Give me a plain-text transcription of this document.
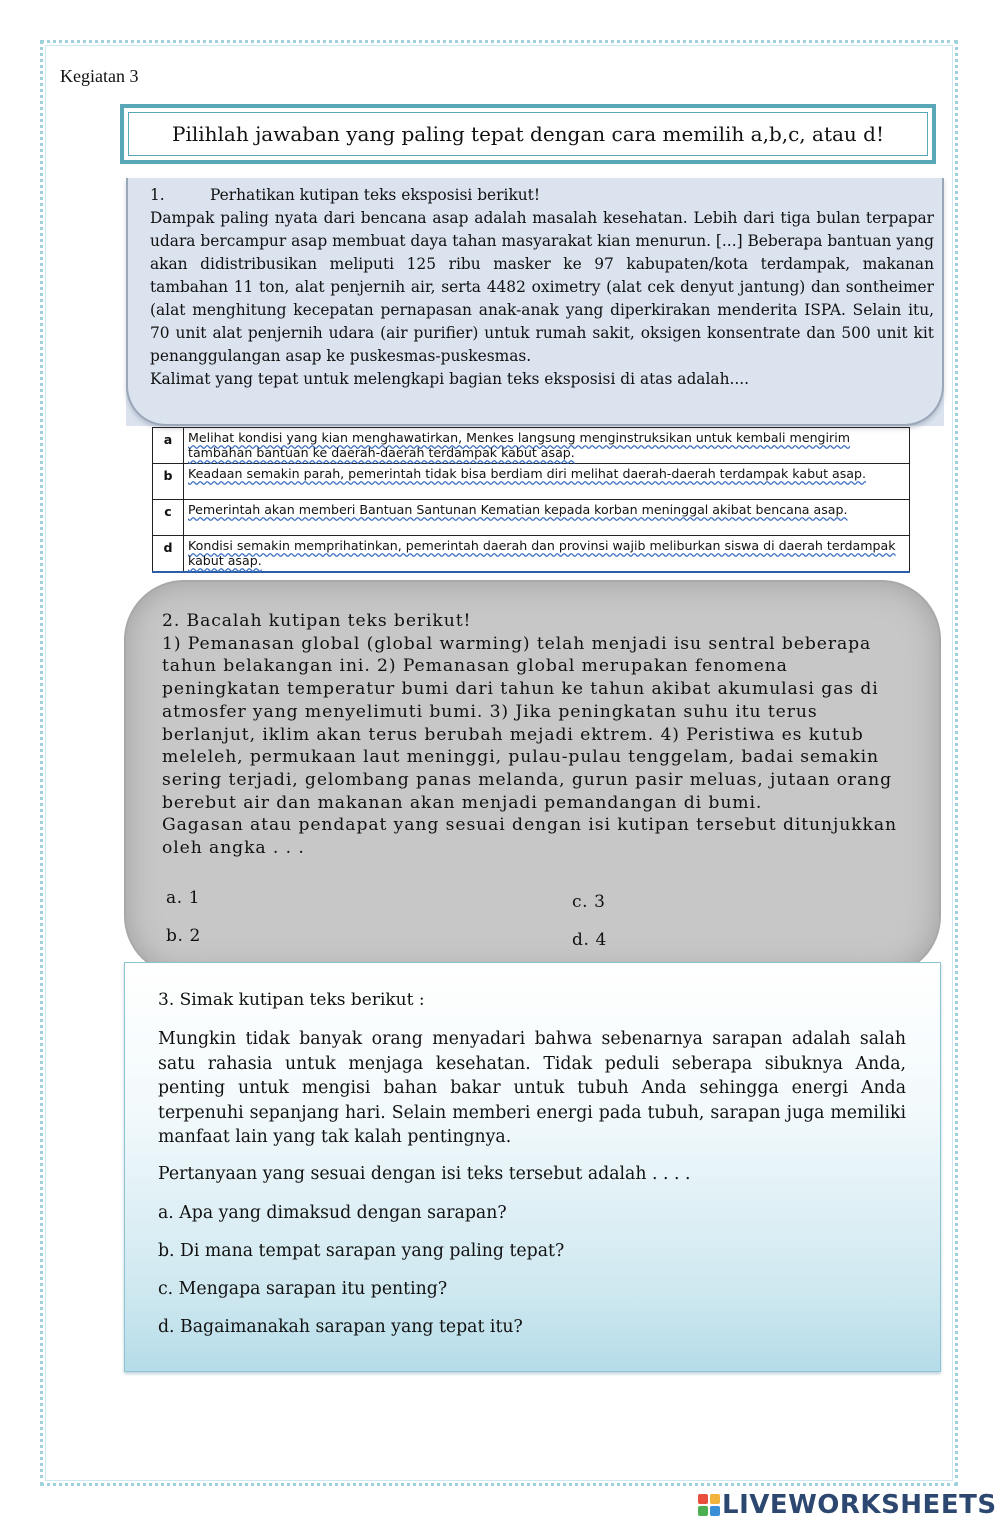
Kegiatan 3
Pilihlah jawaban yang paling tepat dengan cara memilih a,b,c, atau d!
1.	Perhatikan kutipan teks eksposisi berikut!
Dampak paling nyata dari bencana asap adalah masalah kesehatan. Lebih dari tiga bulan terpapar udara bercampur asap membuat daya tahan masyarakat kian menurun. [...] Beberapa bantuan yang akan didistribusikan meliputi 125 ribu masker ke 97 kabupaten/kota terdampak, makanan tambahan 11 ton, alat penjernih air, serta 4482 oximetry (alat cek denyut jantung) dan sontheimer (alat menghitung kecepatan pernapasan anak-anak yang diperkirakan menderita ISPA. Selain itu, 70 unit alat penjernih udara (air purifier) untuk rumah sakit, oksigen konsentrate dan 500 unit kit penanggulangan asap ke puskesmas-puskesmas.
Kalimat yang tepat untuk melengkapi bagian teks eksposisi di atas adalah....
a	Melihat kondisi yang kian menghawatirkan, Menkes langsung menginstruksikan untuk kembali mengirim tambahan bantuan ke daerah-daerah terdampak kabut asap.
b	Keadaan semakin parah, pemerintah tidak bisa berdiam diri melihat daerah-daerah terdampak kabut asap.
c	Pemerintah akan memberi Bantuan Santunan Kematian kepada korban meninggal akibat bencana asap.
d	Kondisi semakin memprihatinkan, pemerintah daerah dan provinsi wajib meliburkan siswa di daerah terdampak kabut asap.
2. Bacalah kutipan teks berikut!
1) Pemanasan global (global warming) telah menjadi isu sentral beberapa tahun belakangan ini. 2) Pemanasan global merupakan fenomena peningkatan temperatur bumi dari tahun ke tahun akibat akumulasi gas di atmosfer yang menyelimuti bumi. 3) Jika peningkatan suhu itu terus berlanjut, iklim akan terus berubah mejadi ektrem. 4) Peristiwa es kutub meleleh, permukaan laut meninggi, pulau-pulau tenggelam, badai semakin sering terjadi, gelombang panas melanda, gurun pasir meluas, jutaan orang berebut air dan makanan akan menjadi pemandangan di bumi.
Gagasan atau pendapat yang sesuai dengan isi kutipan tersebut ditunjukkan oleh angka . . .
a. 1	c. 3
b. 2	d. 4
3. Simak kutipan teks berikut :
Mungkin tidak banyak orang menyadari bahwa sebenarnya sarapan adalah salah satu rahasia untuk menjaga kesehatan. Tidak peduli seberapa sibuknya Anda, penting untuk mengisi bahan bakar untuk tubuh Anda sehingga energi Anda terpenuhi sepanjang hari. Selain memberi energi pada tubuh, sarapan juga memiliki manfaat lain yang tak kalah pentingnya.
Pertanyaan yang sesuai dengan isi teks tersebut adalah . . . .
a. Apa yang dimaksud dengan sarapan?
b. Di mana tempat sarapan yang paling tepat?
c. Mengapa sarapan itu penting?
d. Bagaimanakah sarapan yang tepat itu?
LIVEWORKSHEETS
